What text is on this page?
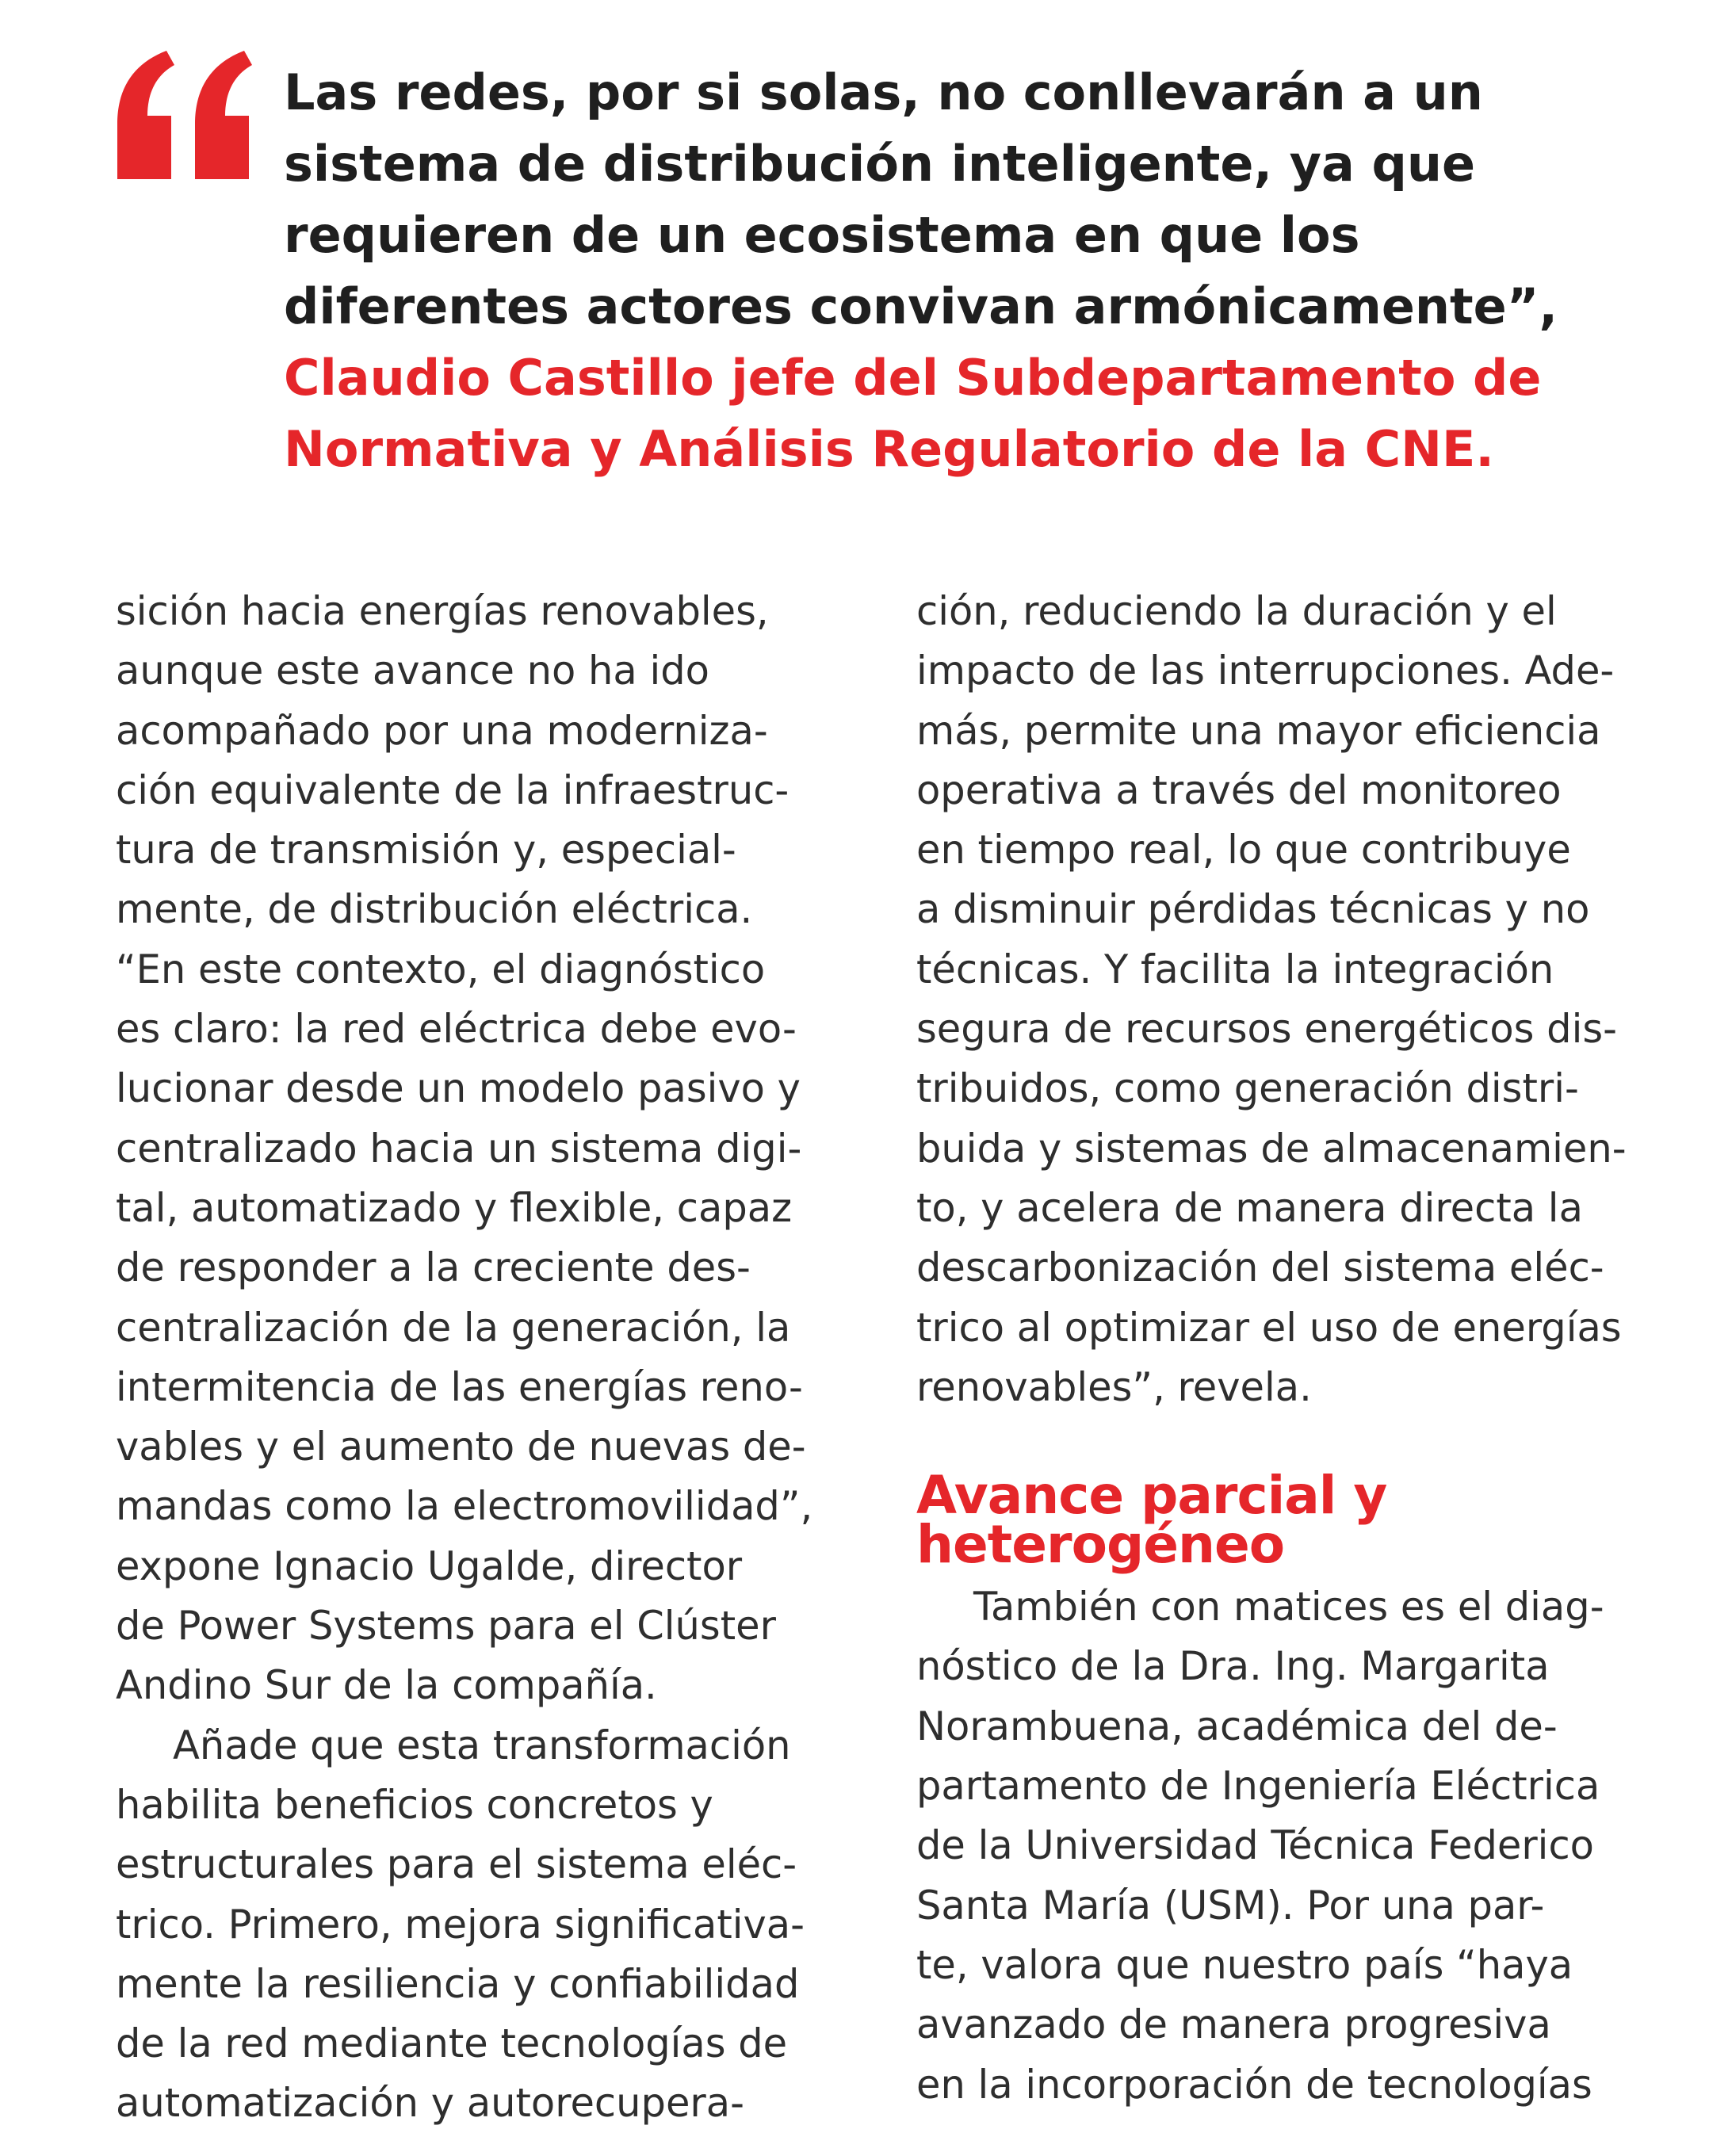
Las redes, por si solas, no conllevarán a un sistema de distribución inteligente, ya que requieren de un ecosistema en que los diferentes actores convivan armónicamente”, Claudio Castillo jefe del Subdepartamento de Normativa y Análisis Regulatorio de la CNE.

sición hacia energías renovables,
aunque este avance no ha ido
acompañado por una moderniza-
ción equivalente de la infraestruc-
tura de transmisión y, especial-
mente, de distribución eléctrica.
“En este contexto, el diagnóstico
es claro: la red eléctrica debe evo-
lucionar desde un modelo pasivo y
centralizado hacia un sistema digi-
tal, automatizado y flexible, capaz
de responder a la creciente des-
centralización de la generación, la
intermitencia de las energías reno-
vables y el aumento de nuevas de-
mandas como la electromovilidad”,
expone Ignacio Ugalde, director
de Power Systems para el Clúster
Andino Sur de la compañía.
Añade que esta transformación
habilita beneficios concretos y
estructurales para el sistema eléc-
trico. Primero, mejora significativa-
mente la resiliencia y confiabilidad
de la red mediante tecnologías de
automatización y autorecupera-
ción, reduciendo la duración y el
impacto de las interrupciones. Ade-
más, permite una mayor eficiencia
operativa a través del monitoreo
en tiempo real, lo que contribuye
a disminuir pérdidas técnicas y no
técnicas. Y facilita la integración
segura de recursos energéticos dis-
tribuidos, como generación distri-
buida y sistemas de almacenamien-
to, y acelera de manera directa la
descarbonización del sistema eléc-
trico al optimizar el uso de energías
renovables”, revela.
Avance parcial y
heterogéneo
También con matices es el diag-
nóstico de la Dra. Ing. Margarita
Norambuena, académica del de-
partamento de Ingeniería Eléctrica
de la Universidad Técnica Federico
Santa María (USM). Por una par-
te, valora que nuestro país “haya
avanzado de manera progresiva
en la incorporación de tecnologías
